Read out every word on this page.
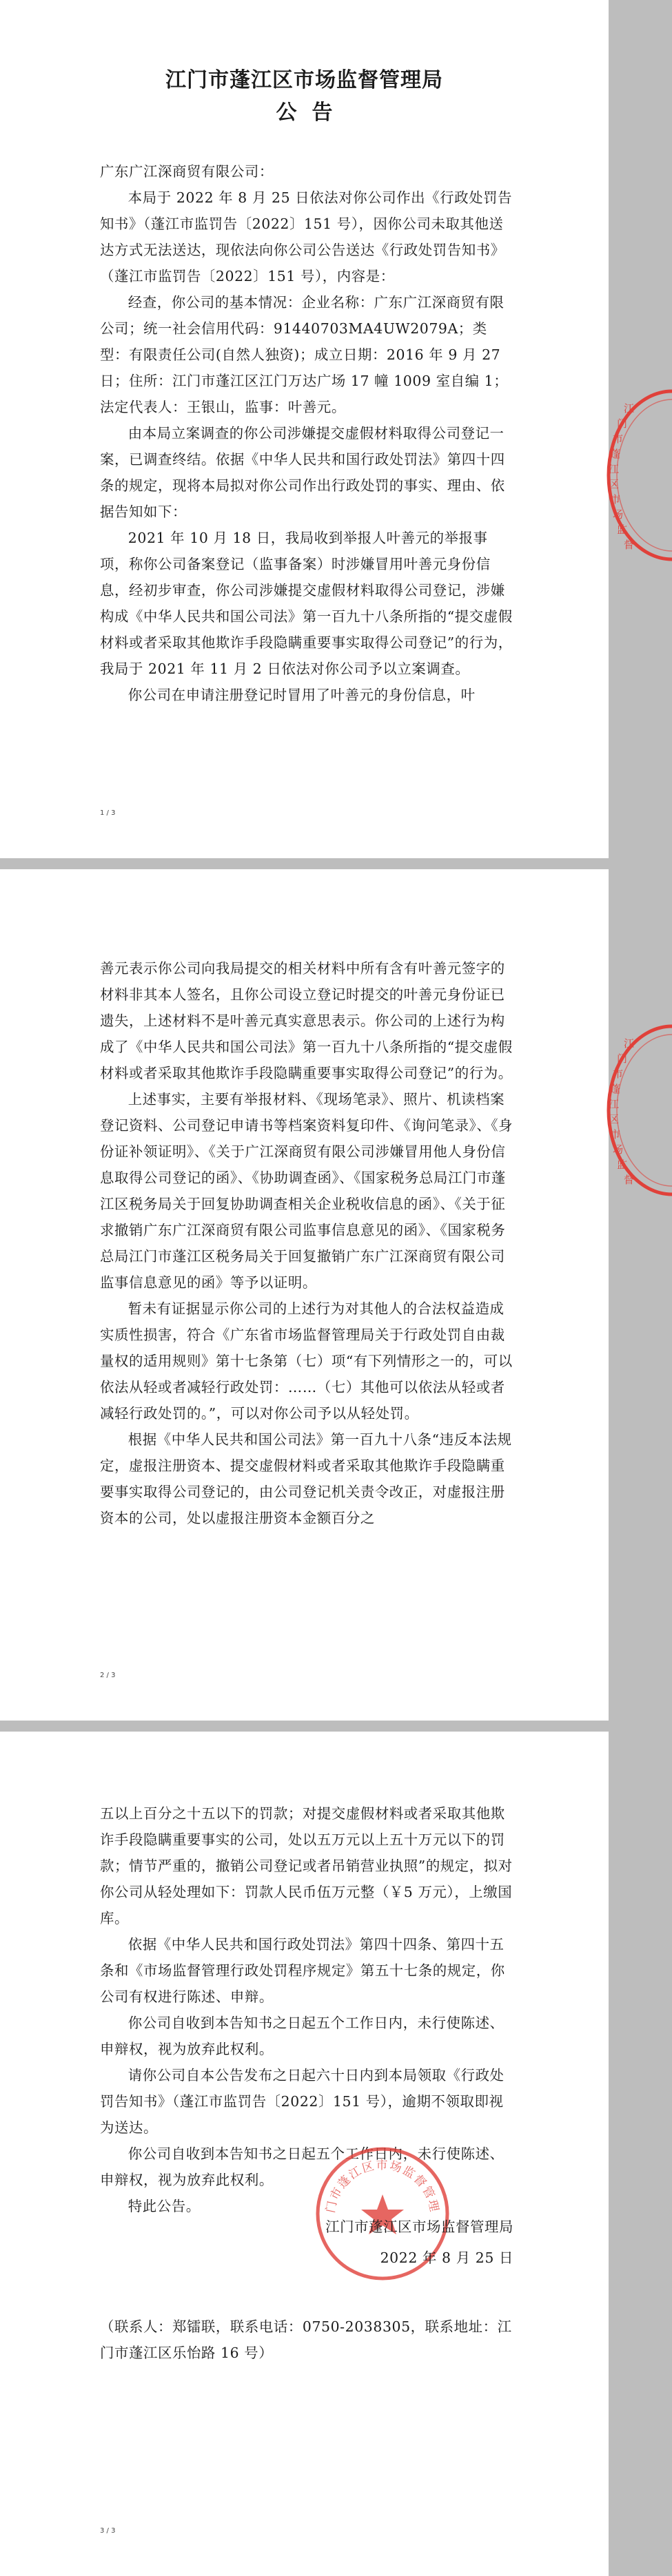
江门市蓬江区市场监督管理局
公告

广东广江深商贸有限公司：

本局于 2022 年 8 月 25 日依法对你公司作出《行政处罚告知书》（蓬江市监罚告〔2022〕151 号），因你公司未取其他送达方式无法送达，现依法向你公司公告送达《行政处罚告知书》（蓬江市监罚告〔2022〕151 号），内容是：

经查，你公司的基本情况：企业名称：广东广江深商贸有限公司；统一社会信用代码：91440703MA4UW2079A；类型：有限责任公司(自然人独资)；成立日期：2016 年 9 月 27 日；住所：江门市蓬江区江门万达广场 17 幢 1009 室自编 1；法定代表人：王银山，监事：叶善元。

由本局立案调查的你公司涉嫌提交虚假材料取得公司登记一案，已调查终结。依据《中华人民共和国行政处罚法》第四十四条的规定，现将本局拟对你公司作出行政处罚的事实、理由、依据告知如下：

2021 年 10 月 18 日，我局收到举报人叶善元的举报事项，称你公司备案登记（监事备案）时涉嫌冒用叶善元身份信息，经初步审查，你公司涉嫌提交虚假材料取得公司登记，涉嫌构成《中华人民共和国公司法》第一百九十八条所指的“提交虚假材料或者采取其他欺诈手段隐瞒重要事实取得公司登记”的行为，我局于 2021 年 11 月 2 日依法对你公司予以立案调查。

你公司在申请注册登记时冒用了叶善元的身份信息，叶

江 门 市 蓬 江 区 市 场 监 督
1 / 3

善元表示你公司向我局提交的相关材料中所有含有叶善元签字的材料非其本人签名，且你公司设立登记时提交的叶善元身份证已遗失，上述材料不是叶善元真实意思表示。你公司的上述行为构成了《中华人民共和国公司法》第一百九十八条所指的“提交虚假材料或者采取其他欺诈手段隐瞒重要事实取得公司登记”的行为。

上述事实，主要有举报材料、《现场笔录》、照片、机读档案登记资料、公司登记申请书等档案资料复印件、《询问笔录》、《身份证补领证明》、《关于广江深商贸有限公司涉嫌冒用他人身份信息取得公司登记的函》、《协助调查函》、《国家税务总局江门市蓬江区税务局关于回复协助调查相关企业税收信息的函》、《关于征求撤销广东广江深商贸有限公司监事信息意见的函》、《国家税务总局江门市蓬江区税务局关于回复撤销广东广江深商贸有限公司监事信息意见的函》等予以证明。

暂未有证据显示你公司的上述行为对其他人的合法权益造成实质性损害，符合《广东省市场监督管理局关于行政处罚自由裁量权的适用规则》第十七条第（七）项“有下列情形之一的，可以依法从轻或者减轻行政处罚：……（七）其他可以依法从轻或者减轻行政处罚的。”，可以对你公司予以从轻处罚。

根据《中华人民共和国公司法》第一百九十八条“违反本法规定，虚报注册资本、提交虚假材料或者采取其他欺诈手段隐瞒重要事实取得公司登记的，由公司登记机关责令改正，对虚报注册资本的公司，处以虚报注册资本金额百分之

江 门 市 蓬 江 区 市 场 监 督
2 / 3

五以上百分之十五以下的罚款；对提交虚假材料或者采取其他欺诈手段隐瞒重要事实的公司，处以五万元以上五十万元以下的罚款；情节严重的，撤销公司登记或者吊销营业执照”的规定，拟对你公司从轻处理如下：罚款人民币伍万元整（￥5 万元），上缴国库。

依据《中华人民共和国行政处罚法》第四十四条、第四十五条和《市场监督管理行政处罚程序规定》第五十七条的规定，你公司有权进行陈述、申辩。

你公司自收到本告知书之日起五个工作日内，未行使陈述、申辩权，视为放弃此权利。

请你公司自本公告发布之日起六十日内到本局领取《行政处罚告知书》（蓬江市监罚告〔2022〕151 号），逾期不领取即视为送达。

你公司自收到本告知书之日起五个工作日内，未行使陈述、申辩权，视为放弃此权利。

特此公告。	门市蓬江区市场监督管理
江门市蓬江区市场监督管理局
2022 年 8 月 25 日
（联系人：郑镭联，联系电话：0750-2038305，联系地址：江门市蓬江区乐怡路 16 号）
3 / 3
